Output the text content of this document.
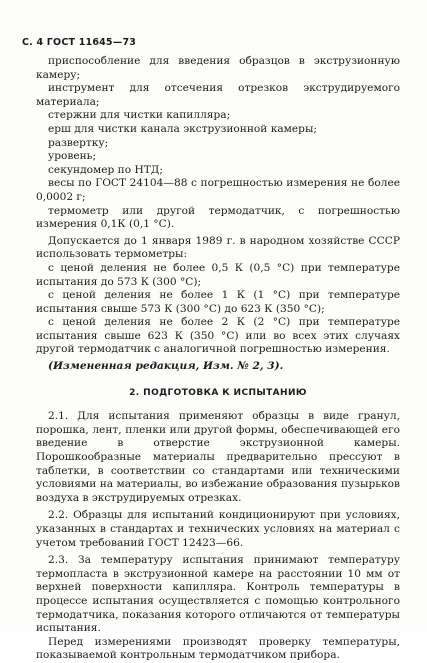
С. 4 ГОСТ 11645—73

приспособление для введения образцов в экструзионную камеру;

инструмент для отсечения отрезков экструдируемого материала;

стержни для чистки капилляра;

ерш для чистки канала экструзионной камеры;

развертку;

уровень;

секундомер по НТД;

весы по ГОСТ 24104—88 с погрешностью измерения не более 0,0002 г;

термометр или другой термодатчик, с погрешностью измерения 0,1К (0,1 °С).

Допускается до 1 января 1989 г. в народном хозяйстве СССР использовать термометры:

с ценой деления не более 0,5 К (0,5 °С) при температуре испытания до 573 К (300 °С);

с ценой деления не более 1 К (1 °С) при температуре испытания свыше 573 К (300 °С) до 623 К (350 °С);

с ценой деления не более 2 К (2 °С) при температуре испытания свыше 623 К (350 °С) или во всех этих случаях другой термодатчик с аналогичной погрешностью измерения.

(Измененная редакция, Изм. № 2, 3).

2. ПОДГОТОВКА К ИСПЫТАНИЮ

2.1. Для испытания применяют образцы в виде гранул, порошка, лент, пленки или другой формы, обеспечивающей его введение в отверстие экструзионной камеры. Порошкообразные материалы предварительно прессуют в таблетки, в соответствии со стандартами или техническими условиями на материалы, во избежание образования пузырьков воздуха в экструдируемых отрезках.

2.2. Образцы для испытаний кондиционируют при условиях, указанных в стандартах и технических условиях на материал с учетом требований ГОСТ 12423—66.

2.3. За температуру испытания принимают температуру термопласта в экструзионной камере на расстоянии 10 мм от верхней поверхности капилляра. Контроль температуры в процессе испытания осуществляется с помощью контрольного термодатчика, показания которого отличаются от температуры испытания.

Перед измерениями производят проверку температуры, показываемой контрольным термодатчиком прибора.
